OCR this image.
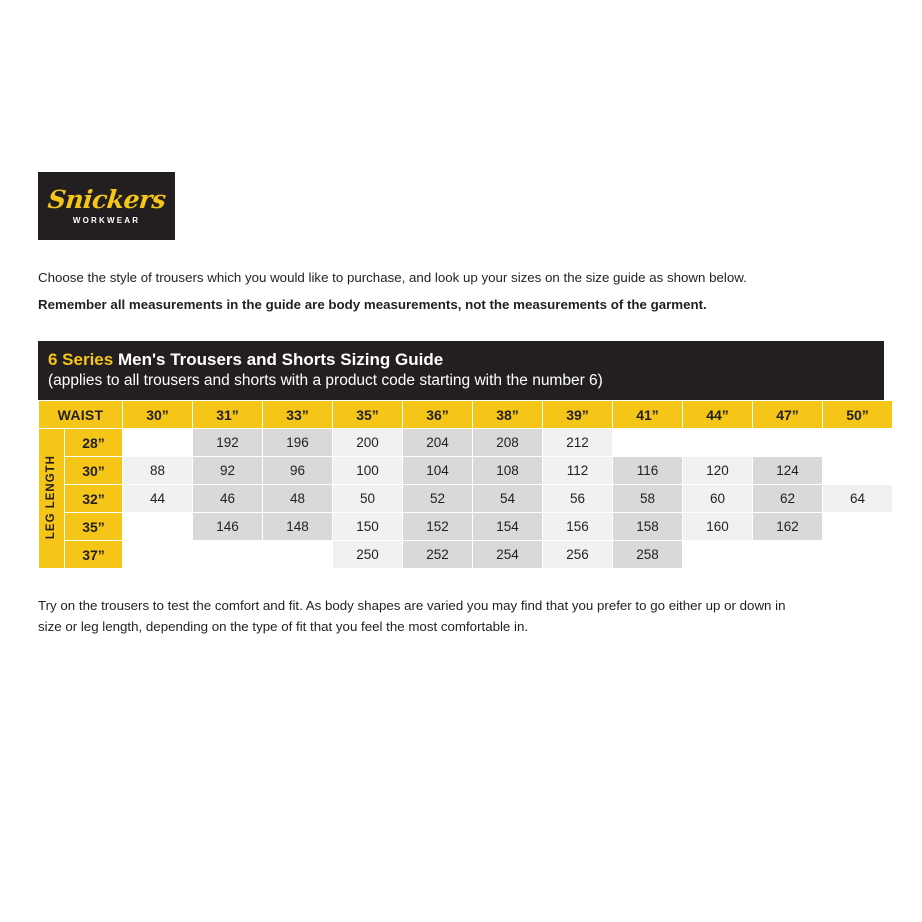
Snickers
WORKWEAR
Choose the style of trousers which you would like to purchase, and look up your sizes on the size guide as shown below.
Remember all measurements in the guide are body measurements, not the measurements of the garment.
6 Series Men's Trousers and Shorts Sizing Guide
(applies to all trousers and shorts with a product code starting with the number 6)
WAIST		30”	31”	33”	35”	36”	38”	39”	41”	44”	47”	50”
LEG LENGTH	28”		192	196	200	204	208	212				
	30”	88	92	96	100	104	108	112	116	120	124	
	32”	44	46	48	50	52	54	56	58	60	62	64
	35”		146	148	150	152	154	156	158	160	162	
	37”				250	252	254	256	258			
Try on the trousers to test the comfort and fit. As body shapes are varied you may find that you prefer to go either up or down in size or leg length, depending on the type of fit that you feel the most comfortable in.
